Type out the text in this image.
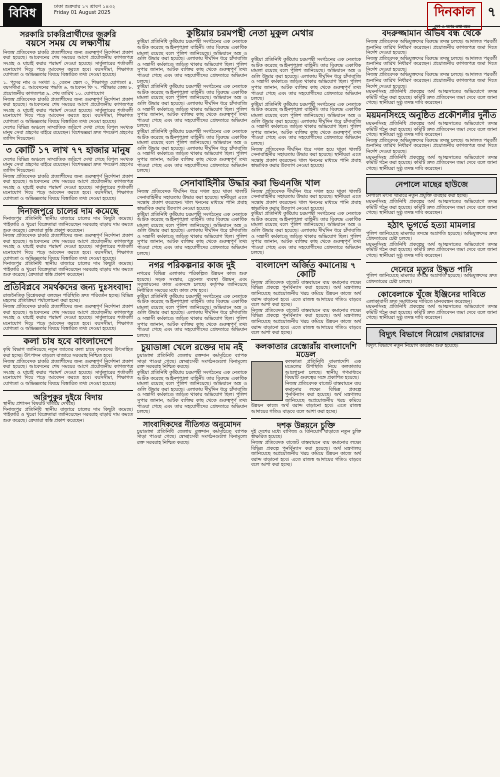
বিবিধ	ঢাকা শুক্রবার ১৭ শ্রাবণ ১৪৩২
Friday 01 August 2025	দিনকাল
দেশ ও দশের কথা বলে
৭
সরকারি চাকরিপ্রার্থীদের জরুরি
বয়সে সময় যে লক্ষ্যণীয়
নিজস্ব প্রতিবেদক চাকরি প্রত্যাশীদের জন্য গুরুত্বপূর্ণ নির্দেশনা প্রকাশ করা হয়েছে। আবেদনের শেষ সময়ের আগে প্রয়োজনীয় কাগজপত্র সংগ্রহ ও যাচাই করার পরামর্শ দেওয়া হয়েছে। সার্কুলারের শর্তাবলী মনোযোগ দিয়ে পড়ে আবেদন করতে হবে। বয়সসীমা, শিক্ষাগত যোগ্যতা ও অভিজ্ঞতার বিষয়ে বিস্তারিত তথ্য দেওয়া হয়েছে।
১. পদের নাম ও সংখ্যা ২. বেতন স্কেল ৩. শিক্ষাগত যোগ্যতা ৪. বয়সসীমা ৫. আবেদনের পদ্ধতি ৬. আবেদন ফি ৭. পরীক্ষার কেন্দ্র ৮. প্রয়োজনীয় কাগজপত্র ৯. শেষ তারিখ ১০. যোগাযোগ
নিজস্ব প্রতিবেদক চাকরি প্রত্যাশীদের জন্য গুরুত্বপূর্ণ নির্দেশনা প্রকাশ করা হয়েছে। আবেদনের শেষ সময়ের আগে প্রয়োজনীয় কাগজপত্র সংগ্রহ ও যাচাই করার পরামর্শ দেওয়া হয়েছে। সার্কুলারের শর্তাবলী মনোযোগ দিয়ে পড়ে আবেদন করতে হবে। বয়সসীমা, শিক্ষাগত যোগ্যতা ও অভিজ্ঞতার বিষয়ে বিস্তারিত তথ্য দেওয়া হয়েছে।
দেশের বিভিন্ন অঞ্চলে সাম্প্রতিক জরিপে দেখা গেছে বিপুল সংখ্যক মানুষ সেবা গ্রহণের বাইরে রয়েছেন। বিশেষজ্ঞরা দ্রুত পদক্ষেপ গ্রহণের তাগিদ দিয়েছেন।
৩ কোটি ১৭ লাখ ৭৭ হাজার মানুষ
দেশের বিভিন্ন অঞ্চলে সাম্প্রতিক জরিপে দেখা গেছে বিপুল সংখ্যক মানুষ সেবা গ্রহণের বাইরে রয়েছেন। বিশেষজ্ঞরা দ্রুত পদক্ষেপ গ্রহণের তাগিদ দিয়েছেন।
নিজস্ব প্রতিবেদক চাকরি প্রত্যাশীদের জন্য গুরুত্বপূর্ণ নির্দেশনা প্রকাশ করা হয়েছে। আবেদনের শেষ সময়ের আগে প্রয়োজনীয় কাগজপত্র সংগ্রহ ও যাচাই করার পরামর্শ দেওয়া হয়েছে। সার্কুলারের শর্তাবলী মনোযোগ দিয়ে পড়ে আবেদন করতে হবে। বয়সসীমা, শিক্ষাগত যোগ্যতা ও অভিজ্ঞতার বিষয়ে বিস্তারিত তথ্য দেওয়া হয়েছে।
দিনাজপুরে চালের দাম কমেছে
দিনাজপুর প্রতিনিধি স্থানীয় বাজারে চালের দাম কিছুটা কমেছে। পাইকারি ও খুচরা বিক্রেতারা জানিয়েছেন সরবরাহ বাড়ায় দাম কমতে শুরু করেছে। ক্রেতারা স্বস্তি প্রকাশ করেছেন।
নিজস্ব প্রতিবেদক চাকরি প্রত্যাশীদের জন্য গুরুত্বপূর্ণ নির্দেশনা প্রকাশ করা হয়েছে। আবেদনের শেষ সময়ের আগে প্রয়োজনীয় কাগজপত্র সংগ্রহ ও যাচাই করার পরামর্শ দেওয়া হয়েছে। সার্কুলারের শর্তাবলী মনোযোগ দিয়ে পড়ে আবেদন করতে হবে। বয়সসীমা, শিক্ষাগত যোগ্যতা ও অভিজ্ঞতার বিষয়ে বিস্তারিত তথ্য দেওয়া হয়েছে।
দিনাজপুর প্রতিনিধি স্থানীয় বাজারে চালের দাম কিছুটা কমেছে। পাইকারি ও খুচরা বিক্রেতারা জানিয়েছেন সরবরাহ বাড়ায় দাম কমতে শুরু করেছে। ক্রেতারা স্বস্তি প্রকাশ করেছেন।
প্রতিবিপ্লবে সমর্থকদের জন্য দুঃসংবাদ!
রাজনৈতিক বিশ্লেষকরা বলছেন পরিস্থিতি দ্রুত পরিবর্তন হচ্ছে। বিভিন্ন মহলের প্রতিক্রিয়া পর্যালোচনা করা হচ্ছে।
নিজস্ব প্রতিবেদক চাকরি প্রত্যাশীদের জন্য গুরুত্বপূর্ণ নির্দেশনা প্রকাশ করা হয়েছে। আবেদনের শেষ সময়ের আগে প্রয়োজনীয় কাগজপত্র সংগ্রহ ও যাচাই করার পরামর্শ দেওয়া হয়েছে। সার্কুলারের শর্তাবলী মনোযোগ দিয়ে পড়ে আবেদন করতে হবে। বয়সসীমা, শিক্ষাগত যোগ্যতা ও অভিজ্ঞতার বিষয়ে বিস্তারিত তথ্য দেওয়া হয়েছে।
কলা চাষ হবে বাংলাদেশে
কৃষি বিভাগ জানিয়েছে নতুন জাতের কলা চাষে কৃষকদের উৎসাহিত করা হচ্ছে। উৎপাদন বাড়লে বাজারে সরবরাহ নিশ্চিত হবে।
নিজস্ব প্রতিবেদক চাকরি প্রত্যাশীদের জন্য গুরুত্বপূর্ণ নির্দেশনা প্রকাশ করা হয়েছে। আবেদনের শেষ সময়ের আগে প্রয়োজনীয় কাগজপত্র সংগ্রহ ও যাচাই করার পরামর্শ দেওয়া হয়েছে। সার্কুলারের শর্তাবলী মনোযোগ দিয়ে পড়ে আবেদন করতে হবে। বয়সসীমা, শিক্ষাগত যোগ্যতা ও অভিজ্ঞতার বিষয়ে বিস্তারিত তথ্য দেওয়া হয়েছে।
অরিপুকুর দুইয়ে বিদায়
স্থানীয় প্রশাসন বিষয়টি খতিয়ে দেখছে।
দিনাজপুর প্রতিনিধি স্থানীয় বাজারে চালের দাম কিছুটা কমেছে। পাইকারি ও খুচরা বিক্রেতারা জানিয়েছেন সরবরাহ বাড়ায় দাম কমতে শুরু করেছে। ক্রেতারা স্বস্তি প্রকাশ করেছেন।
কুষ্টিয়ার চরমপন্থী নেতা মুকুল মেথার
কুষ্টিয়া প্রতিনিধি কুষ্টিয়ায় চরমপন্থী সংগঠনের এক নেতাকে আটক করেছে আইনশৃঙ্খলা বাহিনী। তার বিরুদ্ধে একাধিক মামলা রয়েছে বলে পুলিশ জানিয়েছে। অভিযানে অস্ত্র ও গুলি উদ্ধার করা হয়েছে। এলাকায় দীর্ঘদিন ধরে চাঁদাবাজি ও সন্ত্রাসী কর্মকাণ্ডে জড়িত থাকার অভিযোগ ছিল। পুলিশ সুপার জানান, আটক ব্যক্তির কাছ থেকে গুরুত্বপূর্ণ তথ্য পাওয়া গেছে এবং তার সহযোগীদের গ্রেফতারে অভিযান চলছে।
কুষ্টিয়া প্রতিনিধি কুষ্টিয়ায় চরমপন্থী সংগঠনের এক নেতাকে আটক করেছে আইনশৃঙ্খলা বাহিনী। তার বিরুদ্ধে একাধিক মামলা রয়েছে বলে পুলিশ জানিয়েছে। অভিযানে অস্ত্র ও গুলি উদ্ধার করা হয়েছে। এলাকায় দীর্ঘদিন ধরে চাঁদাবাজি ও সন্ত্রাসী কর্মকাণ্ডে জড়িত থাকার অভিযোগ ছিল। পুলিশ সুপার জানান, আটক ব্যক্তির কাছ থেকে গুরুত্বপূর্ণ তথ্য পাওয়া গেছে এবং তার সহযোগীদের গ্রেফতারে অভিযান চলছে।
কুষ্টিয়া প্রতিনিধি কুষ্টিয়ায় চরমপন্থী সংগঠনের এক নেতাকে আটক করেছে আইনশৃঙ্খলা বাহিনী। তার বিরুদ্ধে একাধিক মামলা রয়েছে বলে পুলিশ জানিয়েছে। অভিযানে অস্ত্র ও গুলি উদ্ধার করা হয়েছে। এলাকায় দীর্ঘদিন ধরে চাঁদাবাজি ও সন্ত্রাসী কর্মকাণ্ডে জড়িত থাকার অভিযোগ ছিল। পুলিশ সুপার জানান, আটক ব্যক্তির কাছ থেকে গুরুত্বপূর্ণ তথ্য পাওয়া গেছে এবং তার সহযোগীদের গ্রেফতারে অভিযান চলছে।
সেনাবাহিনীর উদ্ধার করা ভিএনজি খাল
নিজস্ব প্রতিবেদক দীর্ঘদিন ধরে দখল হয়ে থাকা খালটি সেনাবাহিনীর সহায়তায় উদ্ধার করা হয়েছে। স্থানীয়রা এতে সন্তোষ প্রকাশ করেছেন। খাল খননের মাধ্যমে পানি প্রবাহ স্বাভাবিক করার উদ্যোগ নেওয়া হয়েছে।
কুষ্টিয়া প্রতিনিধি কুষ্টিয়ায় চরমপন্থী সংগঠনের এক নেতাকে আটক করেছে আইনশৃঙ্খলা বাহিনী। তার বিরুদ্ধে একাধিক মামলা রয়েছে বলে পুলিশ জানিয়েছে। অভিযানে অস্ত্র ও গুলি উদ্ধার করা হয়েছে। এলাকায় দীর্ঘদিন ধরে চাঁদাবাজি ও সন্ত্রাসী কর্মকাণ্ডে জড়িত থাকার অভিযোগ ছিল। পুলিশ সুপার জানান, আটক ব্যক্তির কাছ থেকে গুরুত্বপূর্ণ তথ্য পাওয়া গেছে এবং তার সহযোগীদের গ্রেফতারে অভিযান চলছে।
নগর পরিকল্পনার কাজ দুই
নগরের বিভিন্ন এলাকায় পরিকল্পিত উন্নয়ন কাজ শুরু হয়েছে। সড়ক সংস্কার, ড্রেনেজ ব্যবস্থা উন্নয়ন এবং সবুজায়নের কাজ একসঙ্গে চলছে। কর্তৃপক্ষ জানিয়েছে নির্ধারিত সময়ের মধ্যে কাজ শেষ হবে।
কুষ্টিয়া প্রতিনিধি কুষ্টিয়ায় চরমপন্থী সংগঠনের এক নেতাকে আটক করেছে আইনশৃঙ্খলা বাহিনী। তার বিরুদ্ধে একাধিক মামলা রয়েছে বলে পুলিশ জানিয়েছে। অভিযানে অস্ত্র ও গুলি উদ্ধার করা হয়েছে। এলাকায় দীর্ঘদিন ধরে চাঁদাবাজি ও সন্ত্রাসী কর্মকাণ্ডে জড়িত থাকার অভিযোগ ছিল। পুলিশ সুপার জানান, আটক ব্যক্তির কাছ থেকে গুরুত্বপূর্ণ তথ্য পাওয়া গেছে এবং তার সহযোগীদের গ্রেফতারে অভিযান চলছে।
চুয়াডাঙ্গা খেলে রক্তের দাম নই
চুয়াডাঙ্গা প্রতিনিধি জেলায় রক্তদান কর্মসূচিতে ব্যাপক সাড়া পাওয়া গেছে। স্বেচ্ছাসেবী সংগঠনগুলো বিনামূল্যে রক্ত সরবরাহ নিশ্চিত করছে।
কুষ্টিয়া প্রতিনিধি কুষ্টিয়ায় চরমপন্থী সংগঠনের এক নেতাকে আটক করেছে আইনশৃঙ্খলা বাহিনী। তার বিরুদ্ধে একাধিক মামলা রয়েছে বলে পুলিশ জানিয়েছে। অভিযানে অস্ত্র ও গুলি উদ্ধার করা হয়েছে। এলাকায় দীর্ঘদিন ধরে চাঁদাবাজি ও সন্ত্রাসী কর্মকাণ্ডে জড়িত থাকার অভিযোগ ছিল। পুলিশ সুপার জানান, আটক ব্যক্তির কাছ থেকে গুরুত্বপূর্ণ তথ্য পাওয়া গেছে এবং তার সহযোগীদের গ্রেফতারে অভিযান চলছে।
সাংবাদিকদের নীতিগত অনুমোদন
চুয়াডাঙ্গা প্রতিনিধি জেলায় রক্তদান কর্মসূচিতে ব্যাপক সাড়া পাওয়া গেছে। স্বেচ্ছাসেবী সংগঠনগুলো বিনামূল্যে রক্ত সরবরাহ নিশ্চিত করছে।
কুষ্টিয়া প্রতিনিধি কুষ্টিয়ায় চরমপন্থী সংগঠনের এক নেতাকে আটক করেছে আইনশৃঙ্খলা বাহিনী। তার বিরুদ্ধে একাধিক মামলা রয়েছে বলে পুলিশ জানিয়েছে। অভিযানে অস্ত্র ও গুলি উদ্ধার করা হয়েছে। এলাকায় দীর্ঘদিন ধরে চাঁদাবাজি ও সন্ত্রাসী কর্মকাণ্ডে জড়িত থাকার অভিযোগ ছিল। পুলিশ সুপার জানান, আটক ব্যক্তির কাছ থেকে গুরুত্বপূর্ণ তথ্য পাওয়া গেছে এবং তার সহযোগীদের গ্রেফতারে অভিযান চলছে।
কুষ্টিয়া প্রতিনিধি কুষ্টিয়ায় চরমপন্থী সংগঠনের এক নেতাকে আটক করেছে আইনশৃঙ্খলা বাহিনী। তার বিরুদ্ধে একাধিক মামলা রয়েছে বলে পুলিশ জানিয়েছে। অভিযানে অস্ত্র ও গুলি উদ্ধার করা হয়েছে। এলাকায় দীর্ঘদিন ধরে চাঁদাবাজি ও সন্ত্রাসী কর্মকাণ্ডে জড়িত থাকার অভিযোগ ছিল। পুলিশ সুপার জানান, আটক ব্যক্তির কাছ থেকে গুরুত্বপূর্ণ তথ্য পাওয়া গেছে এবং তার সহযোগীদের গ্রেফতারে অভিযান চলছে।
নিজস্ব প্রতিবেদক দীর্ঘদিন ধরে দখল হয়ে থাকা খালটি সেনাবাহিনীর সহায়তায় উদ্ধার করা হয়েছে। স্থানীয়রা এতে সন্তোষ প্রকাশ করেছেন। খাল খননের মাধ্যমে পানি প্রবাহ স্বাভাবিক করার উদ্যোগ নেওয়া হয়েছে।
নিজস্ব প্রতিবেদক দীর্ঘদিন ধরে দখল হয়ে থাকা খালটি সেনাবাহিনীর সহায়তায় উদ্ধার করা হয়েছে। স্থানীয়রা এতে সন্তোষ প্রকাশ করেছেন। খাল খননের মাধ্যমে পানি প্রবাহ স্বাভাবিক করার উদ্যোগ নেওয়া হয়েছে।
কুষ্টিয়া প্রতিনিধি কুষ্টিয়ায় চরমপন্থী সংগঠনের এক নেতাকে আটক করেছে আইনশৃঙ্খলা বাহিনী। তার বিরুদ্ধে একাধিক মামলা রয়েছে বলে পুলিশ জানিয়েছে। অভিযানে অস্ত্র ও গুলি উদ্ধার করা হয়েছে। এলাকায় দীর্ঘদিন ধরে চাঁদাবাজি ও সন্ত্রাসী কর্মকাণ্ডে জড়িত থাকার অভিযোগ ছিল। পুলিশ সুপার জানান, আটক ব্যক্তির কাছ থেকে গুরুত্বপূর্ণ তথ্য পাওয়া গেছে এবং তার সহযোগীদের গ্রেফতারে অভিযান চলছে।
বাংলাদেশ অর্জিত কমানোয় ৭ কোটি
নিজস্ব প্রতিবেদক বাজেট বাস্তবায়নে ব্যয় কমানোর লক্ষ্যে বিভিন্ন প্রকল্পে পুনর্বিন্যাস করা হয়েছে। অর্থ মন্ত্রণালয় জানিয়েছে অপ্রয়োজনীয় খরচ কমিয়ে উন্নয়ন কাজে অর্থ বরাদ্দ বাড়ানো হবে। এতে রাজস্ব আদায়ের গতিও বাড়বে বলে আশা করা হচ্ছে।
নিজস্ব প্রতিবেদক বাজেট বাস্তবায়নে ব্যয় কমানোর লক্ষ্যে বিভিন্ন প্রকল্পে পুনর্বিন্যাস করা হয়েছে। অর্থ মন্ত্রণালয় জানিয়েছে অপ্রয়োজনীয় খরচ কমিয়ে উন্নয়ন কাজে অর্থ বরাদ্দ বাড়ানো হবে। এতে রাজস্ব আদায়ের গতিও বাড়বে বলে আশা করা হচ্ছে।
কলকাতার রেস্তোরাঁয় বাংলাদেশি মডেল
কলকাতা প্রতিনিধি বাংলাদেশি এক মডেলের উপস্থিতি নিয়ে কলকাতায় আলোচনা চলছে। স্থানীয় গণমাধ্যমে বিষয়টি গুরুত্বের সঙ্গে প্রকাশিত হয়েছে।
নিজস্ব প্রতিবেদক বাজেট বাস্তবায়নে ব্যয় কমানোর লক্ষ্যে বিভিন্ন প্রকল্পে পুনর্বিন্যাস করা হয়েছে। অর্থ মন্ত্রণালয় জানিয়েছে অপ্রয়োজনীয় খরচ কমিয়ে উন্নয়ন কাজে অর্থ বরাদ্দ বাড়ানো হবে। এতে রাজস্ব আদায়ের গতিও বাড়বে বলে আশা করা হচ্ছে।
দশক উন্নয়নে চুক্তি
দুই দেশের মধ্যে বাণিজ্য ও বিনিয়োগ বাড়াতে নতুন চুক্তি স্বাক্ষরিত হয়েছে।
নিজস্ব প্রতিবেদক বাজেট বাস্তবায়নে ব্যয় কমানোর লক্ষ্যে বিভিন্ন প্রকল্পে পুনর্বিন্যাস করা হয়েছে। অর্থ মন্ত্রণালয় জানিয়েছে অপ্রয়োজনীয় খরচ কমিয়ে উন্নয়ন কাজে অর্থ বরাদ্দ বাড়ানো হবে। এতে রাজস্ব আদায়ের গতিও বাড়বে বলে আশা করা হচ্ছে।
বদরুজ্জামান অভিষ বন্ধ থেকে
নিজস্ব প্রতিবেদক অভিযুক্তদের বিরুদ্ধে তদন্ত চলছে। আদালত পরবর্তী শুনানির তারিখ নির্ধারণ করেছেন। প্রয়োজনীয় কাগজপত্র জমা দিতে নির্দেশ দেওয়া হয়েছে।
নিজস্ব প্রতিবেদক অভিযুক্তদের বিরুদ্ধে তদন্ত চলছে। আদালত পরবর্তী শুনানির তারিখ নির্ধারণ করেছেন। প্রয়োজনীয় কাগজপত্র জমা দিতে নির্দেশ দেওয়া হয়েছে।
নিজস্ব প্রতিবেদক অভিযুক্তদের বিরুদ্ধে তদন্ত চলছে। আদালত পরবর্তী শুনানির তারিখ নির্ধারণ করেছেন। প্রয়োজনীয় কাগজপত্র জমা দিতে নির্দেশ দেওয়া হয়েছে।
ময়মনসিংহ প্রতিনিধি প্রকল্পের অর্থ আত্মসাতের অভিযোগে তদন্ত কমিটি গঠন করা হয়েছে। কমিটি দ্রুত প্রতিবেদন জমা দেবে বলে জানা গেছে। স্থানীয়রা সুষ্ঠু তদন্ত দাবি করেছেন।
ময়মনসিংহে অনুষ্ঠিত প্রকৌশলীর দুর্নীত
ময়মনসিংহ প্রতিনিধি প্রকল্পের অর্থ আত্মসাতের অভিযোগে তদন্ত কমিটি গঠন করা হয়েছে। কমিটি দ্রুত প্রতিবেদন জমা দেবে বলে জানা গেছে। স্থানীয়রা সুষ্ঠু তদন্ত দাবি করেছেন।
নিজস্ব প্রতিবেদক অভিযুক্তদের বিরুদ্ধে তদন্ত চলছে। আদালত পরবর্তী শুনানির তারিখ নির্ধারণ করেছেন। প্রয়োজনীয় কাগজপত্র জমা দিতে নির্দেশ দেওয়া হয়েছে।
ময়মনসিংহ প্রতিনিধি প্রকল্পের অর্থ আত্মসাতের অভিযোগে তদন্ত কমিটি গঠন করা হয়েছে। কমিটি দ্রুত প্রতিবেদন জমা দেবে বলে জানা গেছে। স্থানীয়রা সুষ্ঠু তদন্ত দাবি করেছেন।
নেপালে মাছের হাউজে
নেপালে মৎস্য খামারে নতুন প্রযুক্তি ব্যবহার করা হচ্ছে।
ময়মনসিংহ প্রতিনিধি প্রকল্পের অর্থ আত্মসাতের অভিযোগে তদন্ত কমিটি গঠন করা হয়েছে। কমিটি দ্রুত প্রতিবেদন জমা দেবে বলে জানা গেছে। স্থানীয়রা সুষ্ঠু তদন্ত দাবি করেছেন।
হঠাৎ ভূগর্ভে হত্যা মামলার
পুলিশ জানিয়েছে মামলার তদন্তে অগ্রগতি হয়েছে। অভিযুক্তদের দ্রুত গ্রেফতারের চেষ্টা চলছে।
ময়মনসিংহ প্রতিনিধি প্রকল্পের অর্থ আত্মসাতের অভিযোগে তদন্ত কমিটি গঠন করা হয়েছে। কমিটি দ্রুত প্রতিবেদন জমা দেবে বলে জানা গেছে। স্থানীয়রা সুষ্ঠু তদন্ত দাবি করেছেন।
দেনেরে মৃত্যুর উদ্ধৃত পানি
পুলিশ জানিয়েছে মামলার তদন্তে অগ্রগতি হয়েছে। অভিযুক্তদের দ্রুত গ্রেফতারের চেষ্টা চলছে।
কোবেলাকে খুঁজে ইঞ্জিনের দাবিতে
এলাকাবাসী দ্রুত সমাধানের দাবিতে মানববন্ধন করেছেন।
ময়মনসিংহ প্রতিনিধি প্রকল্পের অর্থ আত্মসাতের অভিযোগে তদন্ত কমিটি গঠন করা হয়েছে। কমিটি দ্রুত প্রতিবেদন জমা দেবে বলে জানা গেছে। স্থানীয়রা সুষ্ঠু তদন্ত দাবি করেছেন।
বিদ্যুৎ বিভাগে নিয়োগ দেয়ারাদের
বিদ্যুৎ বিভাগে নতুন নিয়োগ কার্যক্রম শুরু হয়েছে।
